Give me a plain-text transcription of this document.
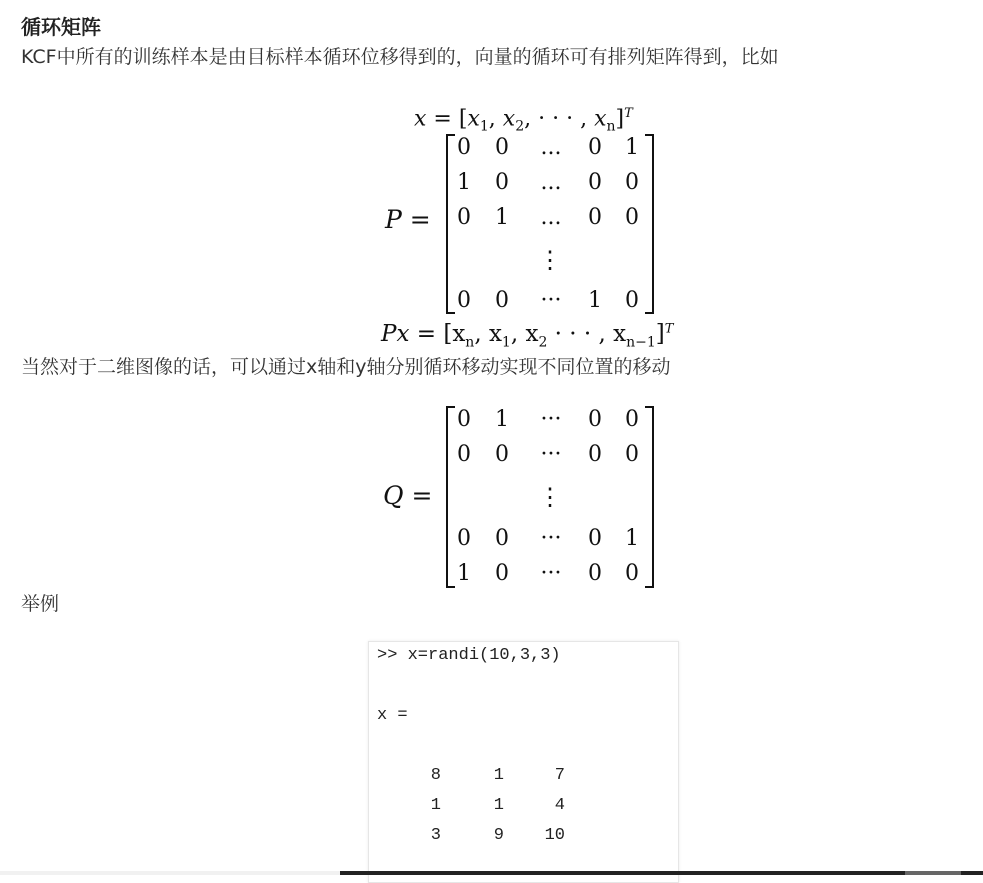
循环矩阵
KCF中所有的训练样本是由目标样本循环位移得到的，向量的循环可有排列矩阵得到，比如
$x = [x_1$, $x_2$, · · · , $x_n]^T$
P =
0	0	...	0	1
1	0	...	0	0
0	1	...	0	0
⋮
0	0	···	1	0
$Px = [x_n$, $x_1$, $x_2$ · · · , $x_{n-1}]^T$
当然对于二维图像的话，可以通过x轴和y轴分别循环移动实现不同位置的移动
Q =
0	1	···	0	0
0	0	···	0	0
⋮
0	0	···	0	1
1	0	···	0	0
举例
>> x=randi(10,3,3)
x =
8	1	7
1	1	4
3	9	10
